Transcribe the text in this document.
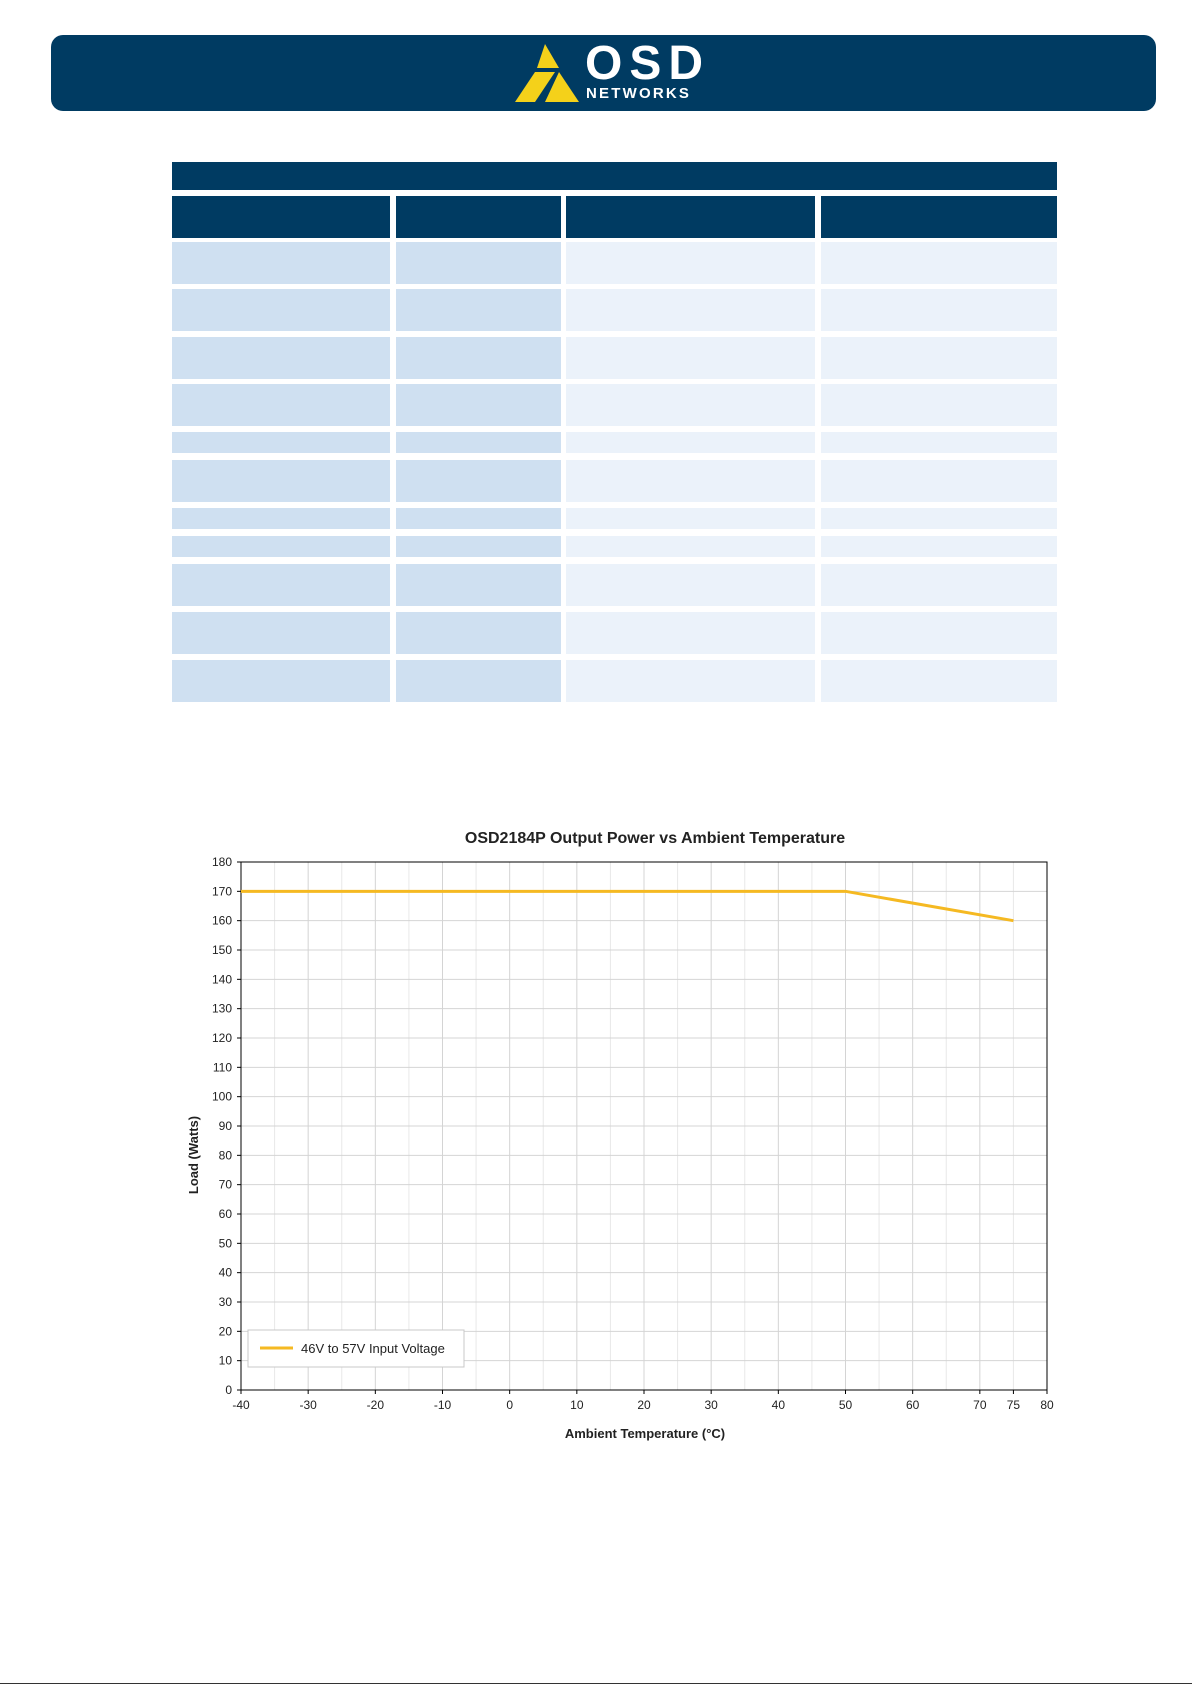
OSD
NETWORKS
OSD2184P Output Power vs Ambient Temperature
-40	-30	-20	-10	0	10	20	30	40	50	60	70 75 80
0
10
20
30
40
50
60
70
80
90
100
110
120
130
140
150
160
170
180
Ambient Temperature (°C)
Load (Watts)
46V to 57V Input Voltage
